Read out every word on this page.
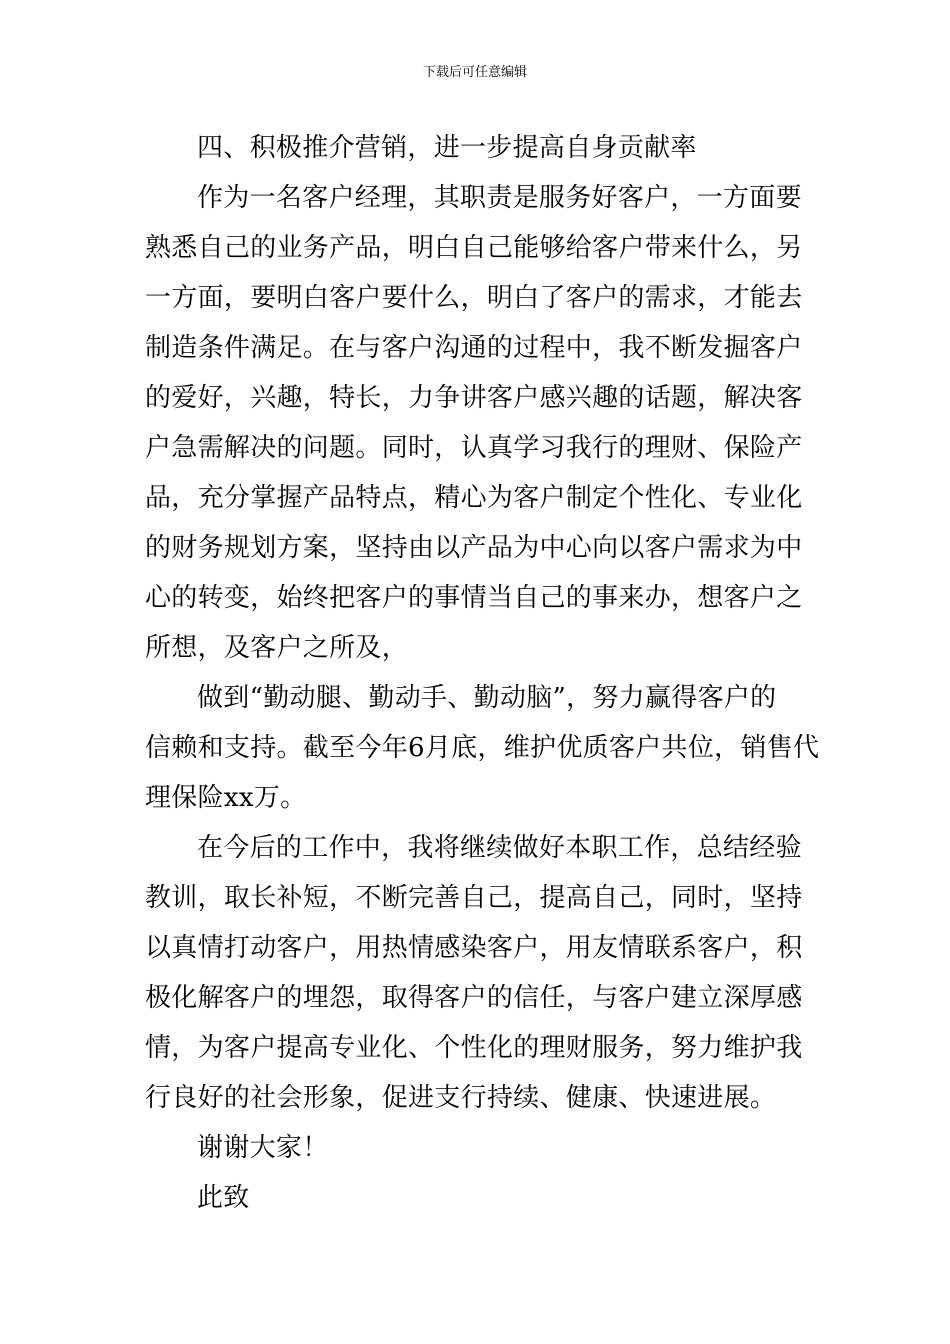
下载后可任意编辑
四、积极推介营销，进一步提高自身贡献率
作为一名客户经理，其职责是服务好客户，一方面要
熟悉自己的业务产品，明白自己能够给客户带来什么，另
一方面，要明白客户要什么，明白了客户的需求，才能去
制造条件满足。在与客户沟通的过程中，我不断发掘客户
的爱好，兴趣，特长，力争讲客户感兴趣的话题，解决客
户急需解决的问题。同时，认真学习我行的理财、保险产
品，充分掌握产品特点，精心为客户制定个性化、专业化
的财务规划方案，坚持由以产品为中心向以客户需求为中
心的转变，始终把客户的事情当自己的事来办，想客户之
所想，及客户之所及，
做到“勤动腿、勤动手、勤动脑”，努力赢得客户的
信赖和支持。截至今年6月底，维护优质客户共位，销售代
理保险xx万。
在今后的工作中，我将继续做好本职工作，总结经验
教训，取长补短，不断完善自己，提高自己，同时，坚持
以真情打动客户，用热情感染客户，用友情联系客户，积
极化解客户的埋怨，取得客户的信任，与客户建立深厚感
情，为客户提高专业化、个性化的理财服务，努力维护我
行良好的社会形象，促进支行持续、健康、快速进展。
谢谢大家！
此致
